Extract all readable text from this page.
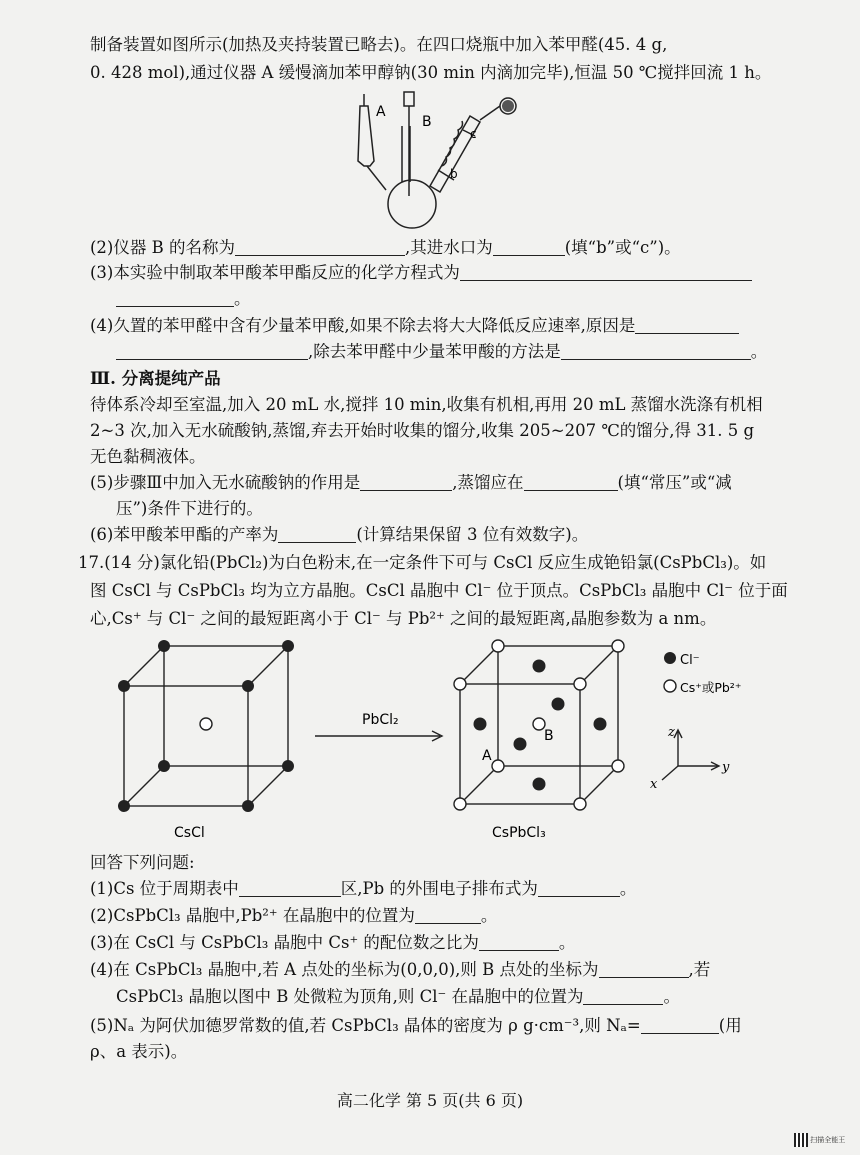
制备装置如图所示(加热及夹持装置已略去)。在四口烧瓶中加入苯甲醛(45. 4 g,
0. 428 mol),通过仪器 A 缓慢滴加苯甲醇钠(30 min 内滴加完毕),恒温 50 ℃搅拌回流 1 h。
A
B
c
b
(2)仪器 B 的名称为	,其进水口为	(填“b”或“c”)。
(3)本实验中制取苯甲酸苯甲酯反应的化学方程式为
。
(4)久置的苯甲醛中含有少量苯甲酸,如果不除去将大大降低反应速率,原因是
,除去苯甲醛中少量苯甲酸的方法是	。
Ⅲ. 分离提纯产品
待体系冷却至室温,加入 20 mL 水,搅拌 10 min,收集有机相,再用 20 mL 蒸馏水洗涤有机相
2~3 次,加入无水硫酸钠,蒸馏,弃去开始时收集的馏分,收集 205~207 ℃的馏分,得 31. 5 g
无色黏稠液体。
(5)步骤Ⅲ中加入无水硫酸钠的作用是	,蒸馏应在	(填“常压”或“减
压”)条件下进行的。
(6)苯甲酸苯甲酯的产率为	(计算结果保留 3 位有效数字)。
17.(14 分)氯化铅(PbCl₂)为白色粉末,在一定条件下可与 CsCl 反应生成铯铅氯(CsPbCl₃)。如
图 CsCl 与 CsPbCl₃ 均为立方晶胞。CsCl 晶胞中 Cl⁻ 位于顶点。CsPbCl₃ 晶胞中 Cl⁻ 位于面
心,Cs⁺ 与 Cl⁻ 之间的最短距离小于 Cl⁻ 与 Pb²⁺ 之间的最短距离,晶胞参数为 a nm。
Cl⁻
Cs⁺或Pb²⁺
PbCl₂
A
B	z
y
x
CsCl	CsPbCl₃
回答下列问题:
(1)Cs 位于周期表中	区,Pb 的外围电子排布式为	。
(2)CsPbCl₃ 晶胞中,Pb²⁺ 在晶胞中的位置为	。
(3)在 CsCl 与 CsPbCl₃ 晶胞中 Cs⁺ 的配位数之比为	。
(4)在 CsPbCl₃ 晶胞中,若 A 点处的坐标为(0,0,0),则 B 点处的坐标为	,若
CsPbCl₃ 晶胞以图中 B 处微粒为顶角,则 Cl⁻ 在晶胞中的位置为	。
(5)Nₐ 为阿伏加德罗常数的值,若 CsPbCl₃ 晶体的密度为 ρ g·cm⁻³,则 Nₐ=	(用
ρ、a 表示)。
高二化学 第 5 页(共 6 页)
扫描全能王
